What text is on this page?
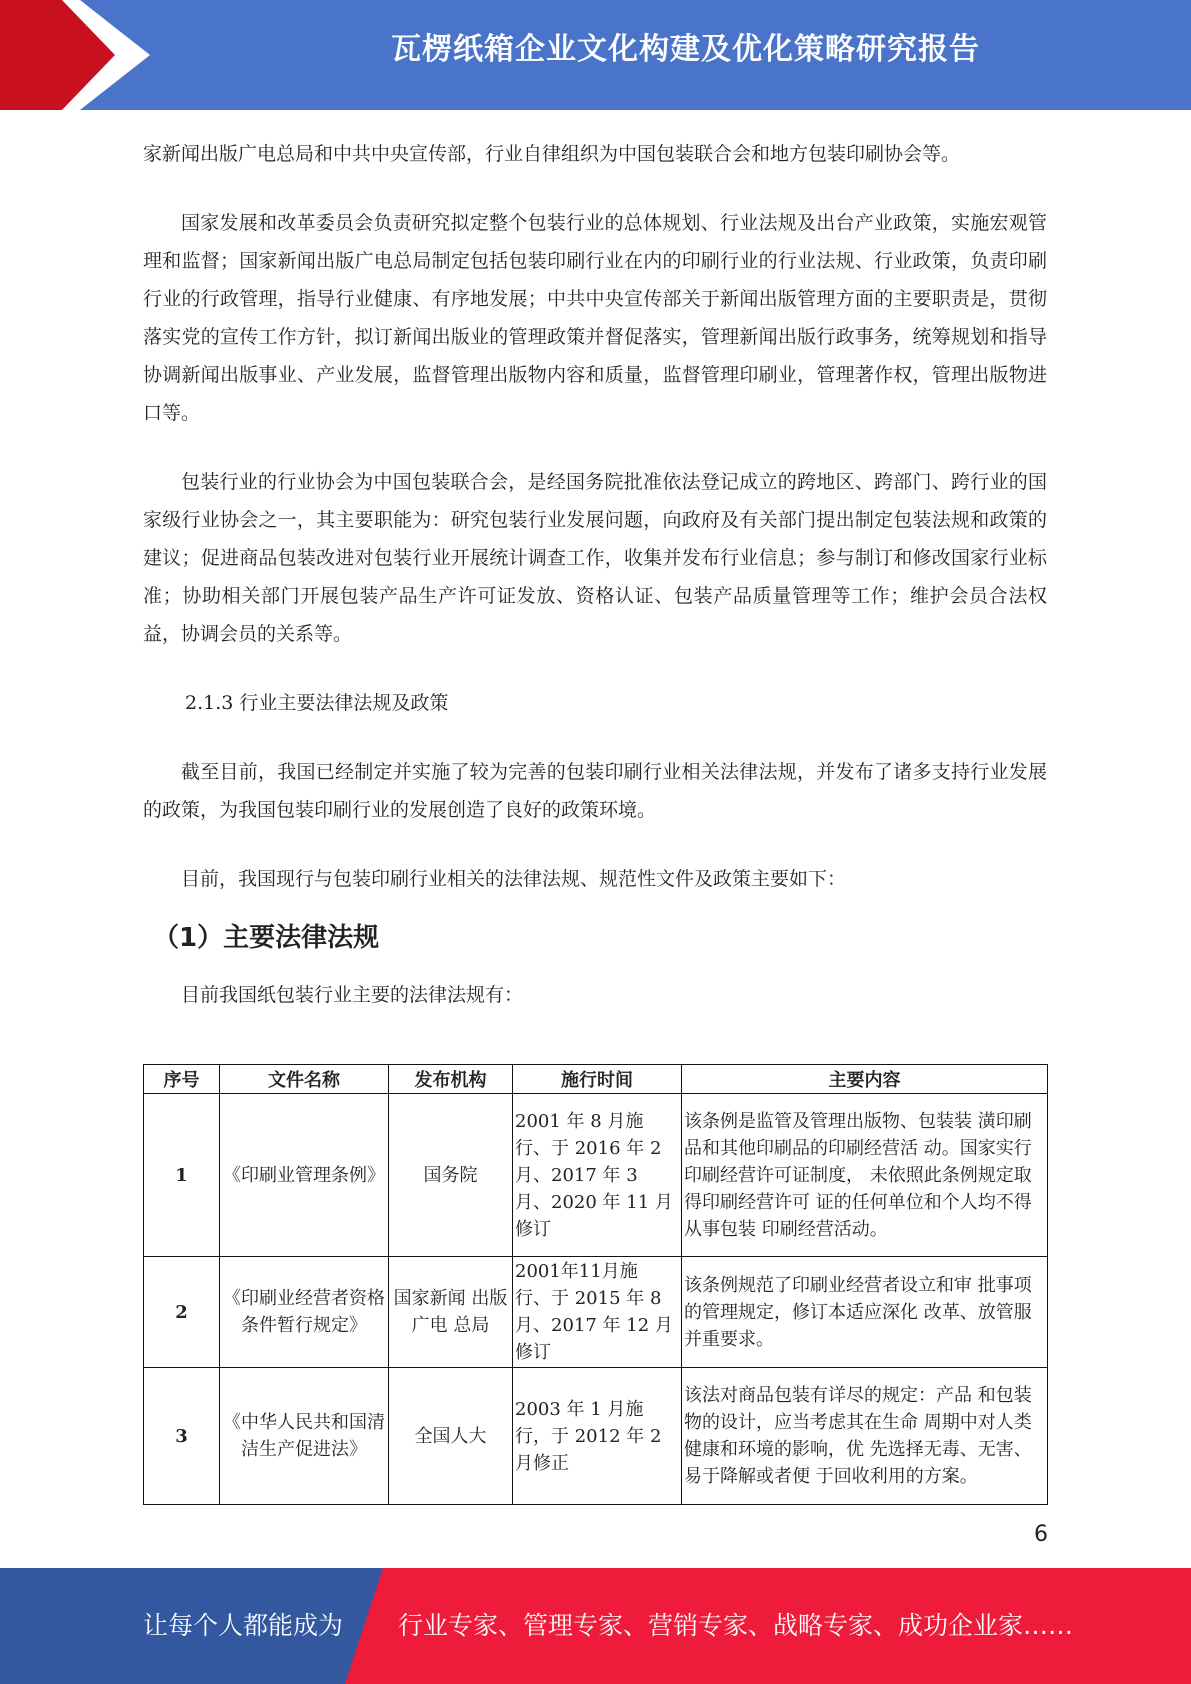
瓦楞纸箱企业文化构建及优化策略研究报告

家新闻出版广电总局和中共中央宣传部，行业自律组织为中国包装联合会和地方包装印刷协会等。

国家发展和改革委员会负责研究拟定整个包装行业的总体规划、行业法规及出台产业政策，实施宏观管理和监督；国家新闻出版广电总局制定包括包装印刷行业在内的印刷行业的行业法规、行业政策，负责印刷行业的行政管理，指导行业健康、有序地发展；中共中央宣传部关于新闻出版管理方面的主要职责是，贯彻落实党的宣传工作方针，拟订新闻出版业的管理政策并督促落实，管理新闻出版行政事务，统筹规划和指导协调新闻出版事业、产业发展，监督管理出版物内容和质量，监督管理印刷业，管理著作权，管理出版物进口等。

包装行业的行业协会为中国包装联合会，是经国务院批准依法登记成立的跨地区、跨部门、跨行业的国家级行业协会之一，其主要职能为：研究包装行业发展问题，向政府及有关部门提出制定包装法规和政策的建议；促进商品包装改进对包装行业开展统计调查工作，收集并发布行业信息；参与制订和修改国家行业标准；协助相关部门开展包装产品生产许可证发放、资格认证、包装产品质量管理等工作；维护会员合法权益，协调会员的关系等。

2.1.3 行业主要法律法规及政策

截至目前，我国已经制定并实施了较为完善的包装印刷行业相关法律法规，并发布了诸多支持行业发展的政策，为我国包装印刷行业的发展创造了良好的政策环境。

目前，我国现行与包装印刷行业相关的法律法规、规范性文件及政策主要如下：

（1）主要法律法规

目前我国纸包装行业主要的法律法规有：

序号	文件名称	发布机构	施行时间	主要内容
1	《印刷业管理条例》	国务院	2001 年 8 月施 行、于 2016 年 2 月、2017 年 3 月、2020 年 11 月修订	该条例是监管及管理出版物、包装装 潢印刷品和其他印刷品的印刷经营活 动。国家实行印刷经营许可证制度， 未依照此条例规定取得印刷经营许可 证的任何单位和个人均不得从事包装 印刷经营活动。
2	《印刷业经营者资格条件暂行规定》	国家新闻 出版广电 总局	2001年11月施 行、于 2015 年 8 月、2017 年 12 月修订	该条例规范了印刷业经营者设立和审 批事项的管理规定，修订本适应深化 改革、放管服并重要求。
3	《中华人民共和国清洁生产促进法》	全国人大	2003 年 1 月施 行，于 2012 年 2 月修正	该法对商品包装有详尽的规定：产品 和包装物的设计，应当考虑其在生命 周期中对人类健康和环境的影响，优 先选择无毒、无害、易于降解或者便 于回收利用的方案。
6
让每个人都能成为 行业专家、管理专家、营销专家、战略专家、成功企业家……
